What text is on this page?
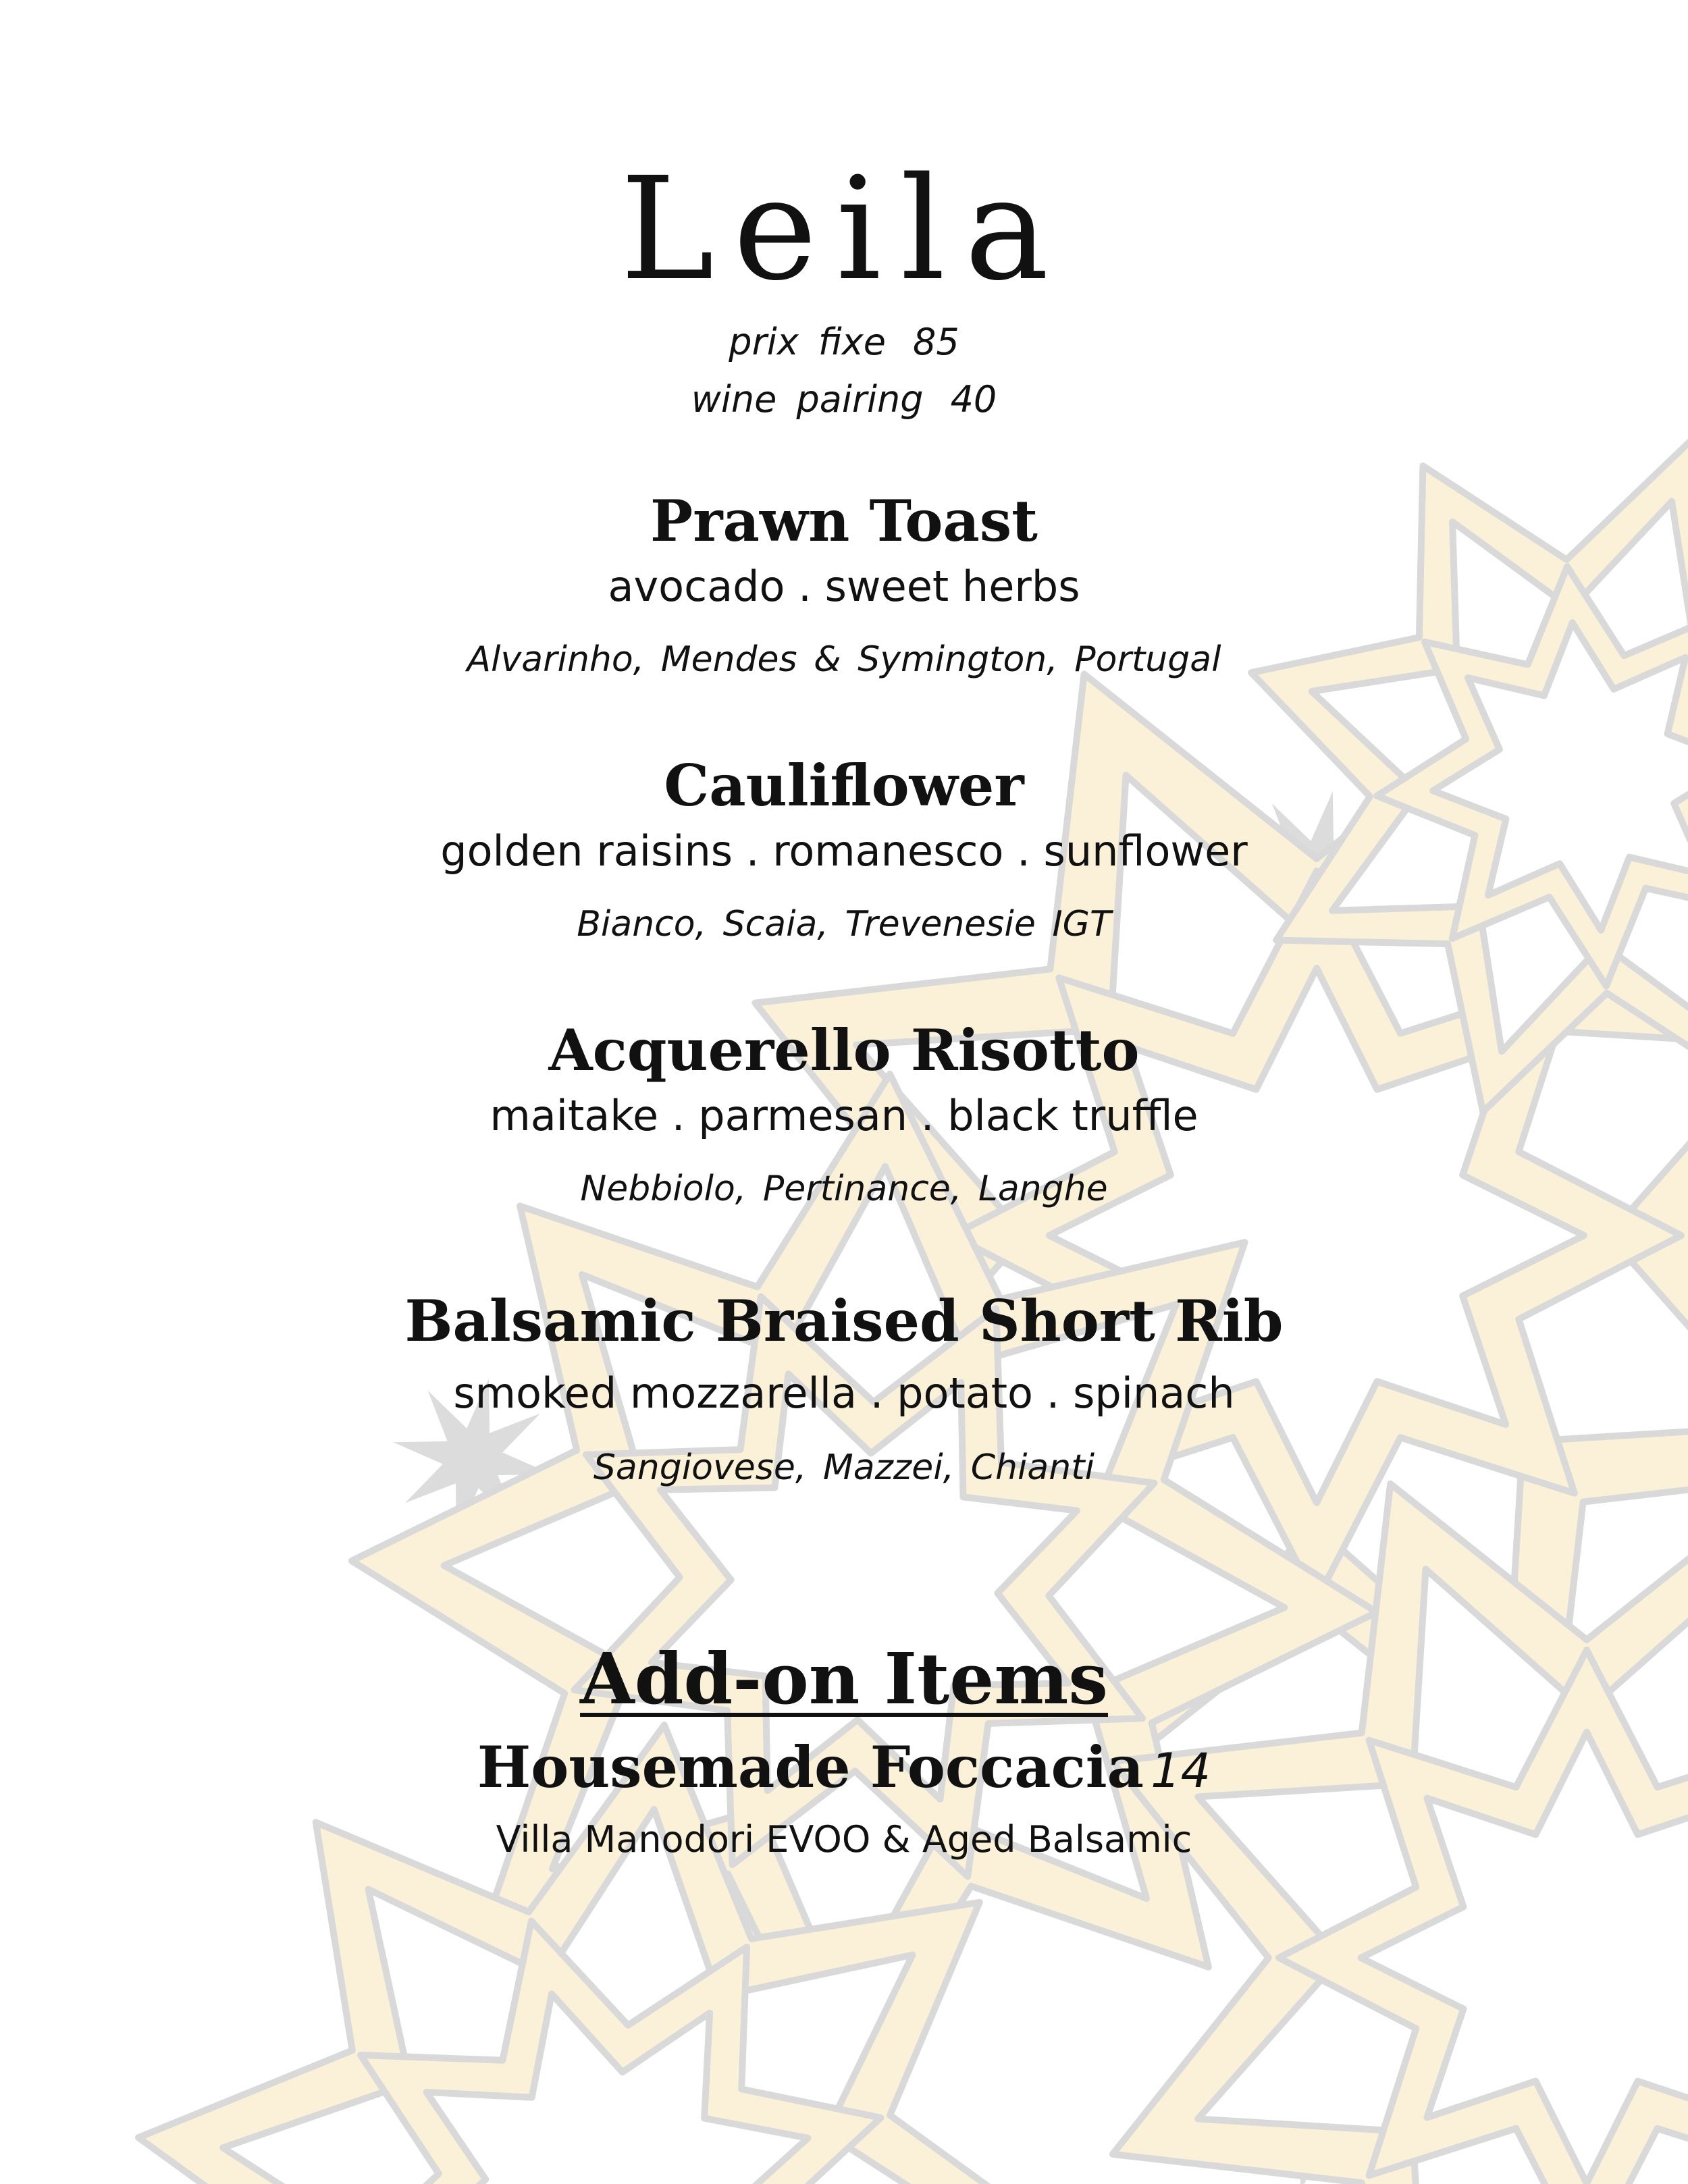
Leila
prix fixe 85
wine pairing 40
Prawn Toast
avocado . sweet herbs
Alvarinho, Mendes & Symington, Portugal
Cauliflower
golden raisins . romanesco . sunflower
Bianco, Scaia, Trevenesie IGT
Acquerello Risotto
maitake . parmesan . black truffle
Nebbiolo, Pertinance, Langhe
Balsamic Braised Short Rib
smoked mozzarella . potato . spinach
Sangiovese, Mazzei, Chianti
Add-on Items
Housemade Foccacia 14
Villa Manodori EVOO & Aged Balsamic
